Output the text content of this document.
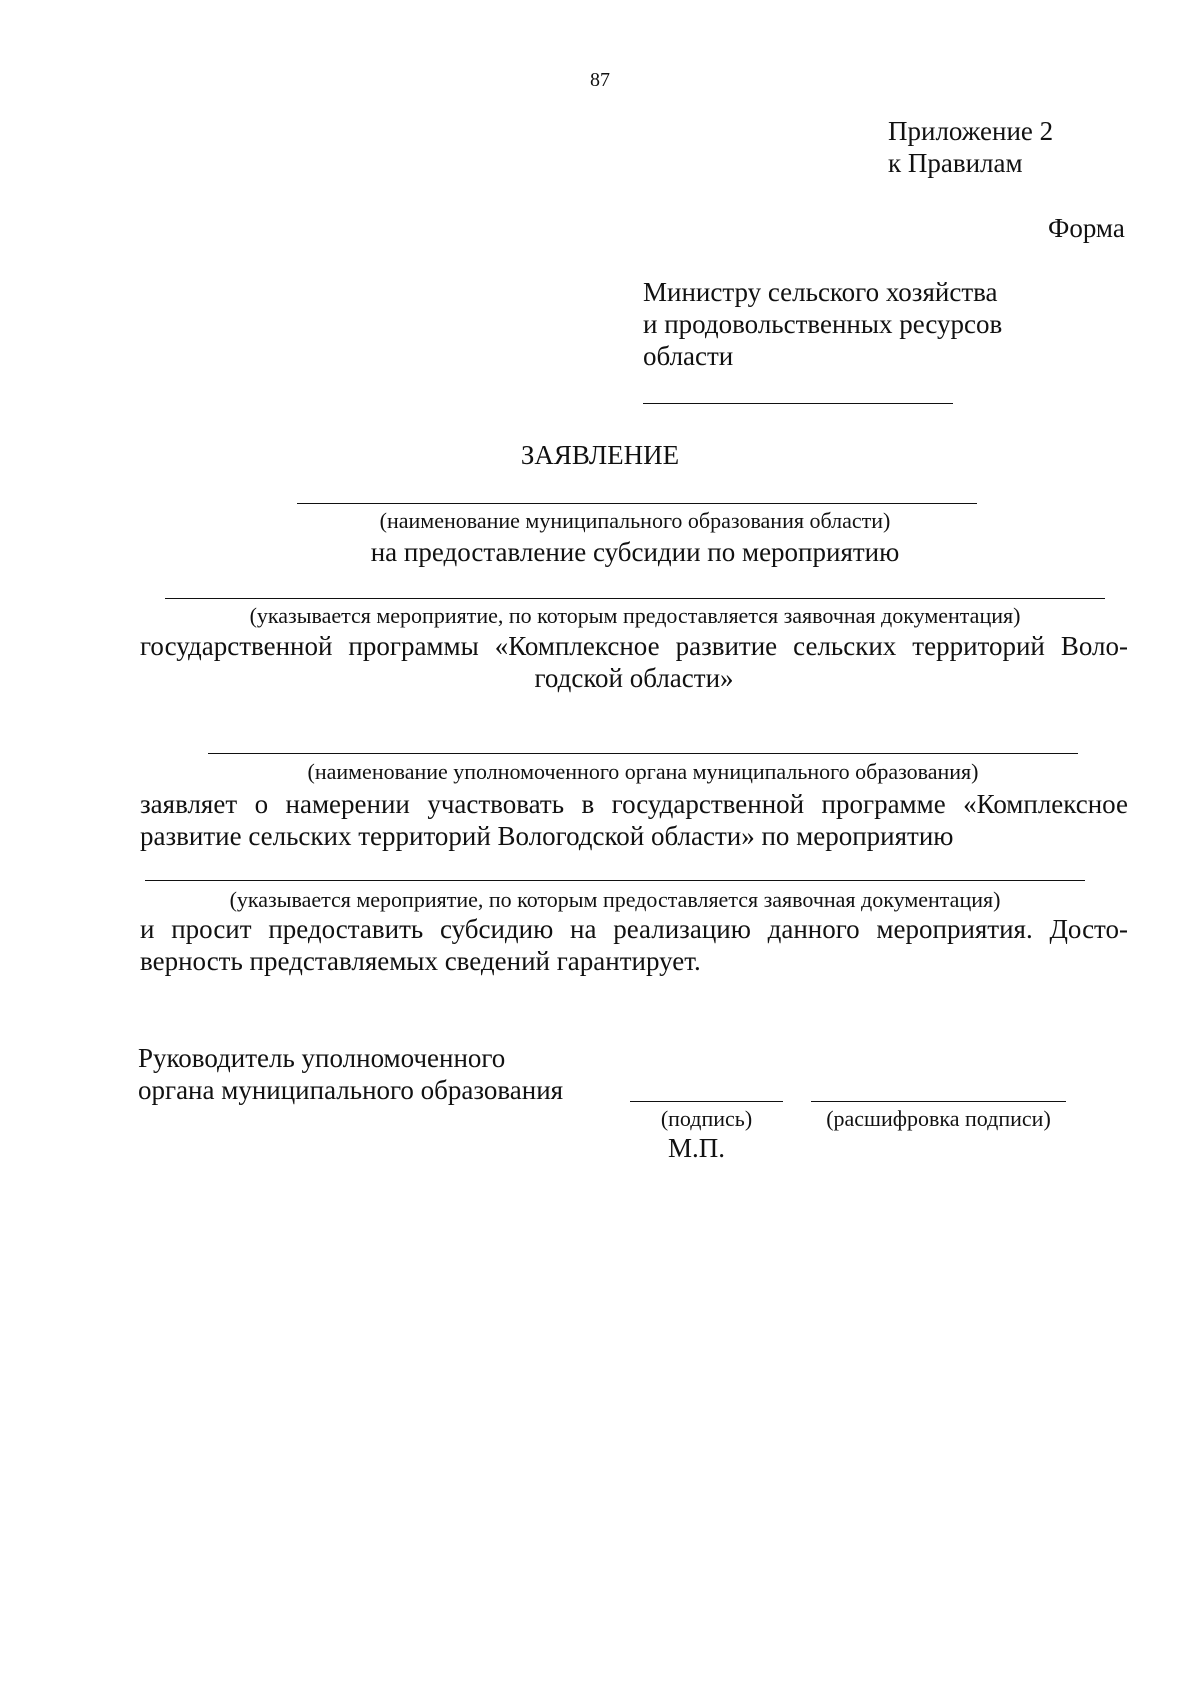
87
Приложение 2
к Правилам
Форма
Министру сельского хозяйства
и продовольственных ресурсов
области
ЗАЯВЛЕНИЕ
(наименование муниципального образования области)
на предоставление субсидии по мероприятию
(указывается мероприятие, по которым предоставляется заявочная документация)
государственной программы «Комплексное развитие сельских территорий Воло-
годской области»
(наименование уполномоченного органа муниципального образования)
заявляет о намерении участвовать в государственной программе «Комплексное
развитие сельских территорий Вологодской области» по мероприятию
(указывается мероприятие, по которым предоставляется заявочная документация)
и просит предоставить субсидию на реализацию данного мероприятия. Досто-
верность представляемых сведений гарантирует.
Руководитель уполномоченного
органа муниципального образования
(подпись)	(расшифровка подписи)
М.П.
